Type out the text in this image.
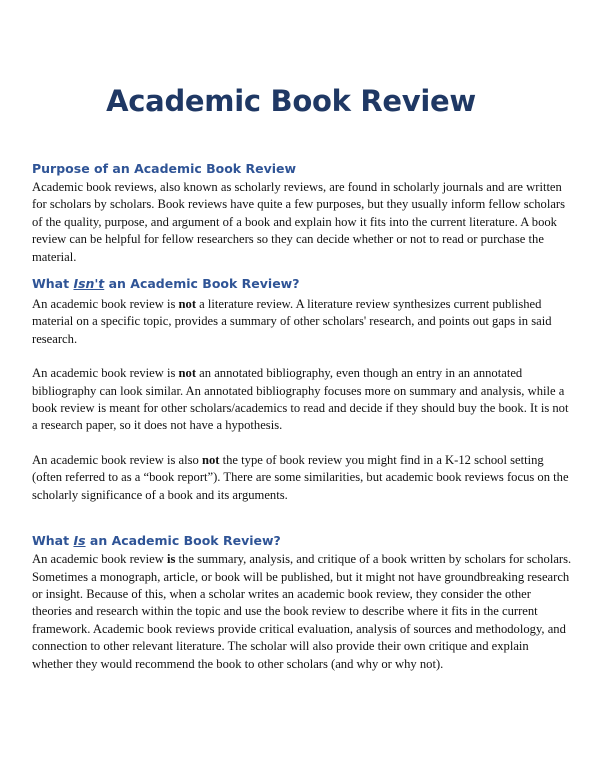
Academic Book Review
Purpose of an Academic Book Review

Academic book reviews, also known as scholarly reviews, are found in scholarly journals and are written for scholars by scholars. Book reviews have quite a few purposes, but they usually inform fellow scholars of the quality, purpose, and argument of a book and explain how it fits into the current literature. A book review can be helpful for fellow researchers so they can decide whether or not to read or purchase the material.

What Isn't an Academic Book Review?

An academic book review is not a literature review. A literature review synthesizes current published material on a specific topic, provides a summary of other scholars' research, and points out gaps in said research.

An academic book review is not an annotated bibliography, even though an entry in an annotated bibliography can look similar. An annotated bibliography focuses more on summary and analysis, while a book review is meant for other scholars/academics to read and decide if they should buy the book. It is not a research paper, so it does not have a hypothesis.

An academic book review is also not the type of book review you might find in a K-12 school setting (often referred to as a “book report”). There are some similarities, but academic book reviews focus on the scholarly significance of a book and its arguments.

What Is an Academic Book Review?

An academic book review is the summary, analysis, and critique of a book written by scholars for scholars. Sometimes a monograph, article, or book will be published, but it might not have groundbreaking research or insight. Because of this, when a scholar writes an academic book review, they consider the other theories and research within the topic and use the book review to describe where it fits in the current framework. Academic book reviews provide critical evaluation, analysis of sources and methodology, and connection to other relevant literature. The scholar will also provide their own critique and explain whether they would recommend the book to other scholars (and why or why not).
